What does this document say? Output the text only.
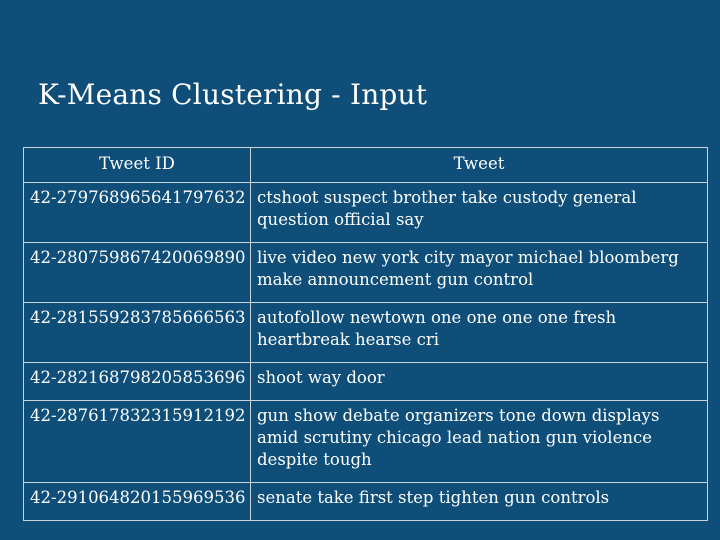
K-Means Clustering - Input
Tweet ID	Tweet
42-279768965641797632	ctshoot suspect brother take custody general question official say
42-280759867420069890	live video new york city mayor michael bloomberg make announcement gun control
42-281559283785666563	autofollow newtown one one one one fresh heartbreak hearse cri
42-282168798205853696	shoot way door
42-287617832315912192	gun show debate organizers tone down displays amid scrutiny chicago lead nation gun violence despite tough
42-291064820155969536	senate take first step tighten gun controls
